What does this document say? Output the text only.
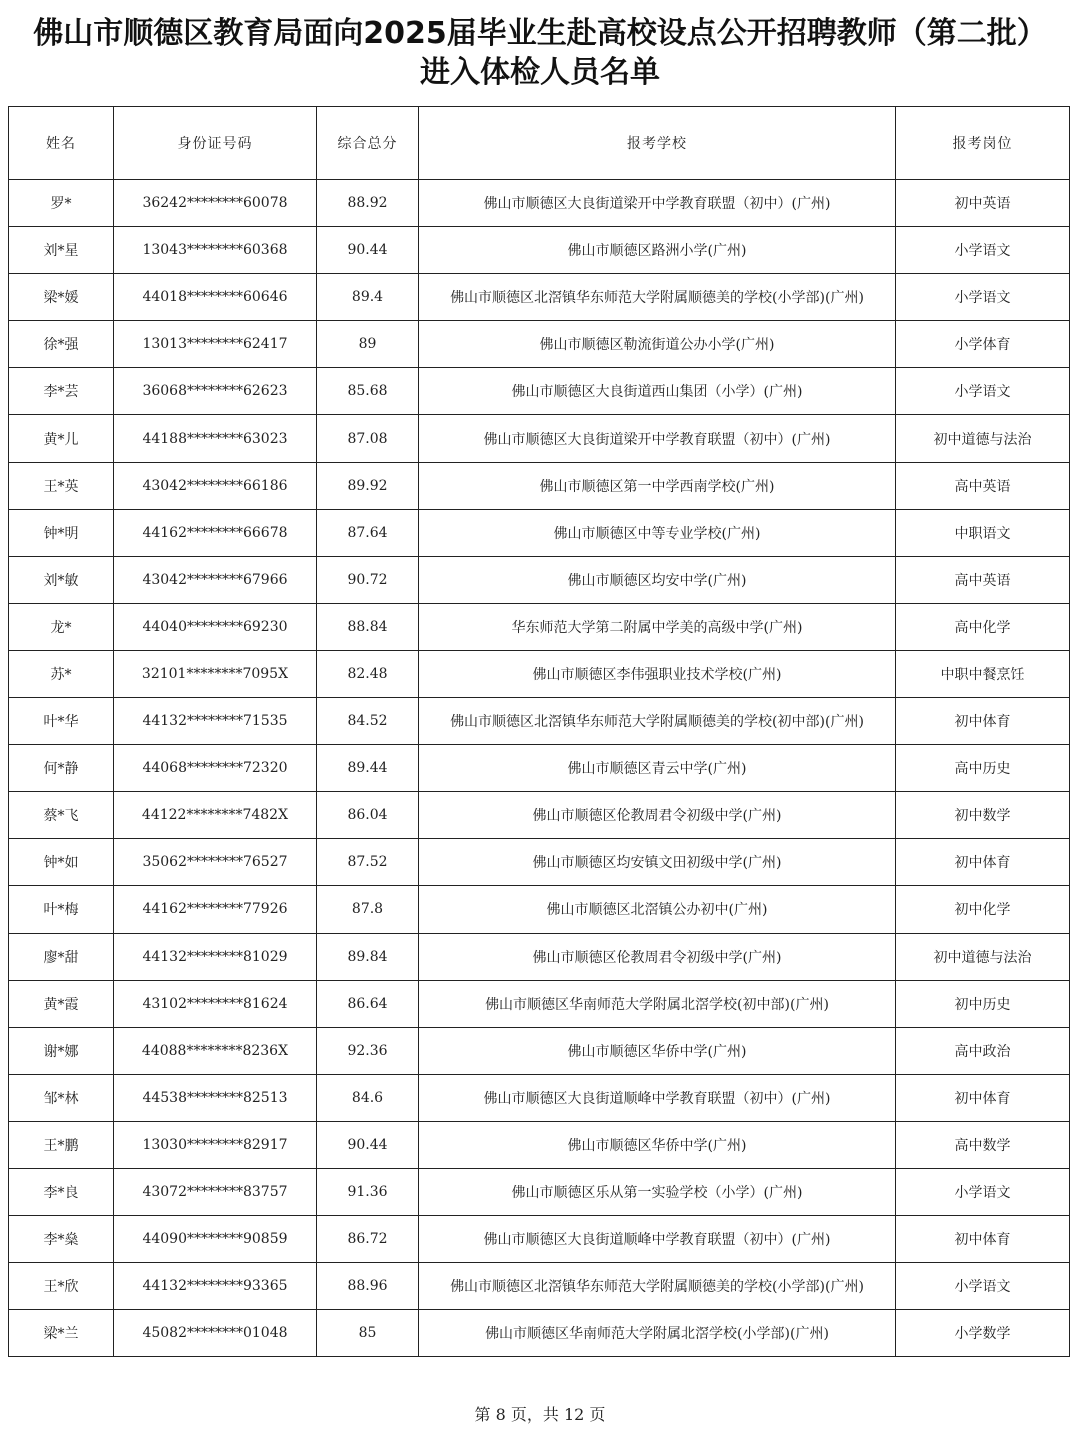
佛山市顺德区教育局面向2025届毕业生赴高校设点公开招聘教师（第二批）
进入体检人员名单
姓名	身份证号码	综合总分	报考学校	报考岗位
罗*	36242********60078	88.92	佛山市顺德区大良街道梁开中学教育联盟（初中）(广州)	初中英语
刘*星	13043********60368	90.44	佛山市顺德区路洲小学(广州)	小学语文
梁*媛	44018********60646	89.4	佛山市顺德区北滘镇华东师范大学附属顺德美的学校(小学部)(广州)	小学语文
徐*强	13013********62417	89	佛山市顺德区勒流街道公办小学(广州)	小学体育
李*芸	36068********62623	85.68	佛山市顺德区大良街道西山集团（小学）(广州)	小学语文
黄*儿	44188********63023	87.08	佛山市顺德区大良街道梁开中学教育联盟（初中）(广州)	初中道德与法治
王*英	43042********66186	89.92	佛山市顺德区第一中学西南学校(广州)	高中英语
钟*明	44162********66678	87.64	佛山市顺德区中等专业学校(广州)	中职语文
刘*敏	43042********67966	90.72	佛山市顺德区均安中学(广州)	高中英语
龙*	44040********69230	88.84	华东师范大学第二附属中学美的高级中学(广州)	高中化学
苏*	32101********7095X	82.48	佛山市顺德区李伟强职业技术学校(广州)	中职中餐烹饪
叶*华	44132********71535	84.52	佛山市顺德区北滘镇华东师范大学附属顺德美的学校(初中部)(广州)	初中体育
何*静	44068********72320	89.44	佛山市顺德区青云中学(广州)	高中历史
蔡*飞	44122********7482X	86.04	佛山市顺德区伦教周君令初级中学(广州)	初中数学
钟*如	35062********76527	87.52	佛山市顺德区均安镇文田初级中学(广州)	初中体育
叶*梅	44162********77926	87.8	佛山市顺德区北滘镇公办初中(广州)	初中化学
廖*甜	44132********81029	89.84	佛山市顺德区伦教周君令初级中学(广州)	初中道德与法治
黄*霞	43102********81624	86.64	佛山市顺德区华南师范大学附属北滘学校(初中部)(广州)	初中历史
谢*娜	44088********8236X	92.36	佛山市顺德区华侨中学(广州)	高中政治
邹*林	44538********82513	84.6	佛山市顺德区大良街道顺峰中学教育联盟（初中）(广州)	初中体育
王*鹏	13030********82917	90.44	佛山市顺德区华侨中学(广州)	高中数学
李*良	43072********83757	91.36	佛山市顺德区乐从第一实验学校（小学）(广州)	小学语文
李*燊	44090********90859	86.72	佛山市顺德区大良街道顺峰中学教育联盟（初中）(广州)	初中体育
王*欣	44132********93365	88.96	佛山市顺德区北滘镇华东师范大学附属顺德美的学校(小学部)(广州)	小学语文
梁*兰	45082********01048	85	佛山市顺德区华南师范大学附属北滘学校(小学部)(广州)	小学数学
第 8 页，共 12 页
